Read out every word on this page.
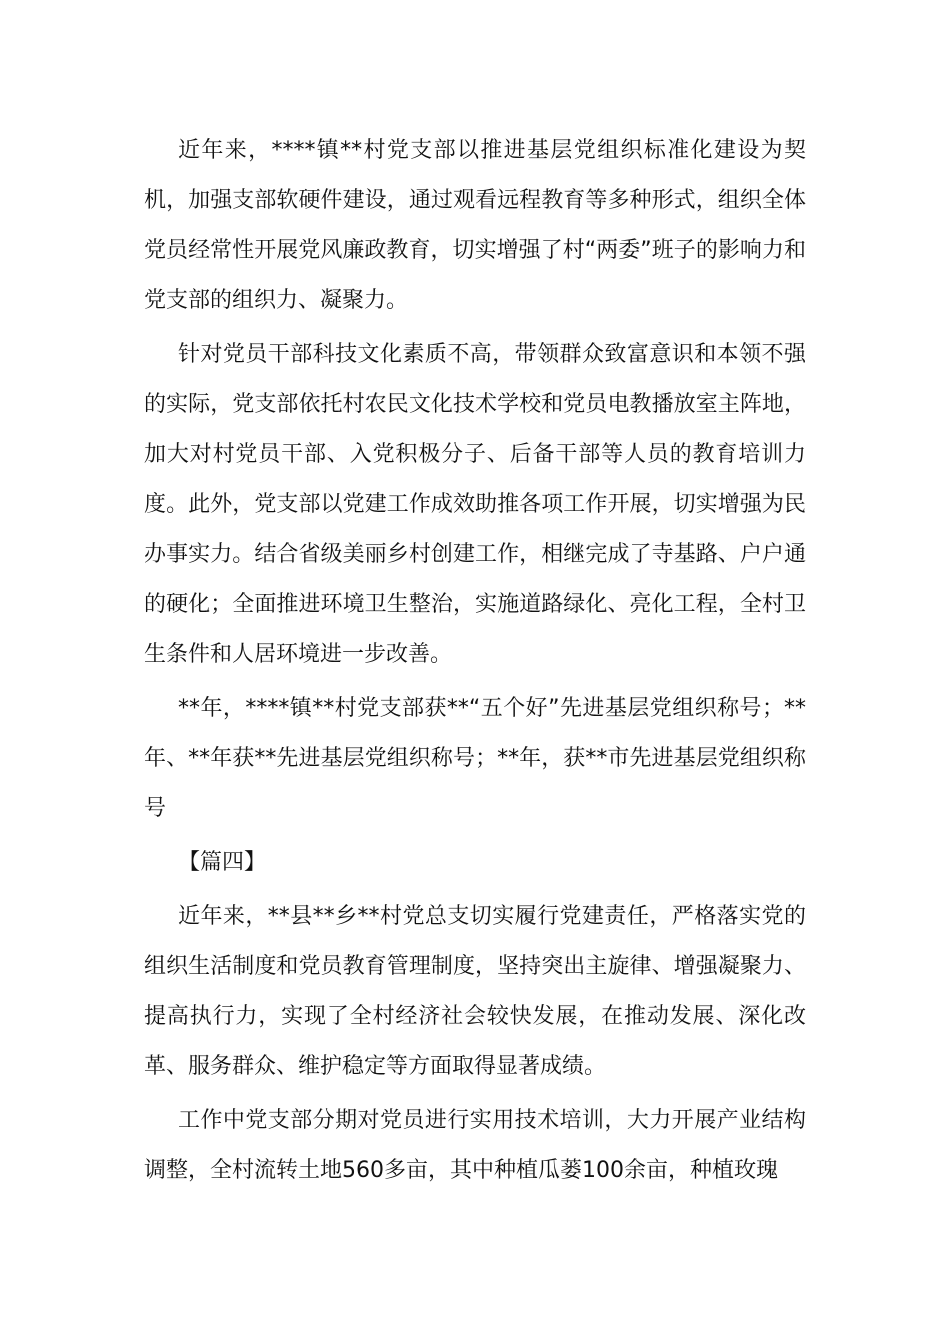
近年来，****镇**村党支部以推进基层党组织标准化建设为契机，加强支部软硬件建设，通过观看远程教育等多种形式，组织全体党员经常性开展党风廉政教育，切实增强了村“两委”班子的影响力和党支部的组织力、凝聚力。

针对党员干部科技文化素质不高，带领群众致富意识和本领不强的实际，党支部依托村农民文化技术学校和党员电教播放室主阵地，加大对村党员干部、入党积极分子、后备干部等人员的教育培训力度。此外，党支部以党建工作成效助推各项工作开展，切实增强为民办事实力。结合省级美丽乡村创建工作，相继完成了寺基路、户户通的硬化；全面推进环境卫生整治，实施道路绿化、亮化工程，全村卫生条件和人居环境进一步改善。

**年，****镇**村党支部获**“五个好”先进基层党组织称号；**年、**年获**先进基层党组织称号；**年，获**市先进基层党组织称号

【篇四】

近年来，**县**乡**村党总支切实履行党建责任，严格落实党的组织生活制度和党员教育管理制度，坚持突出主旋律、增强凝聚力、提高执行力，实现了全村经济社会较快发展，在推动发展、深化改革、服务群众、维护稳定等方面取得显著成绩。

工作中党支部分期对党员进行实用技术培训，大力开展产业结构调整，全村流转土地560多亩，其中种植瓜蒌100余亩，种植玫瑰
